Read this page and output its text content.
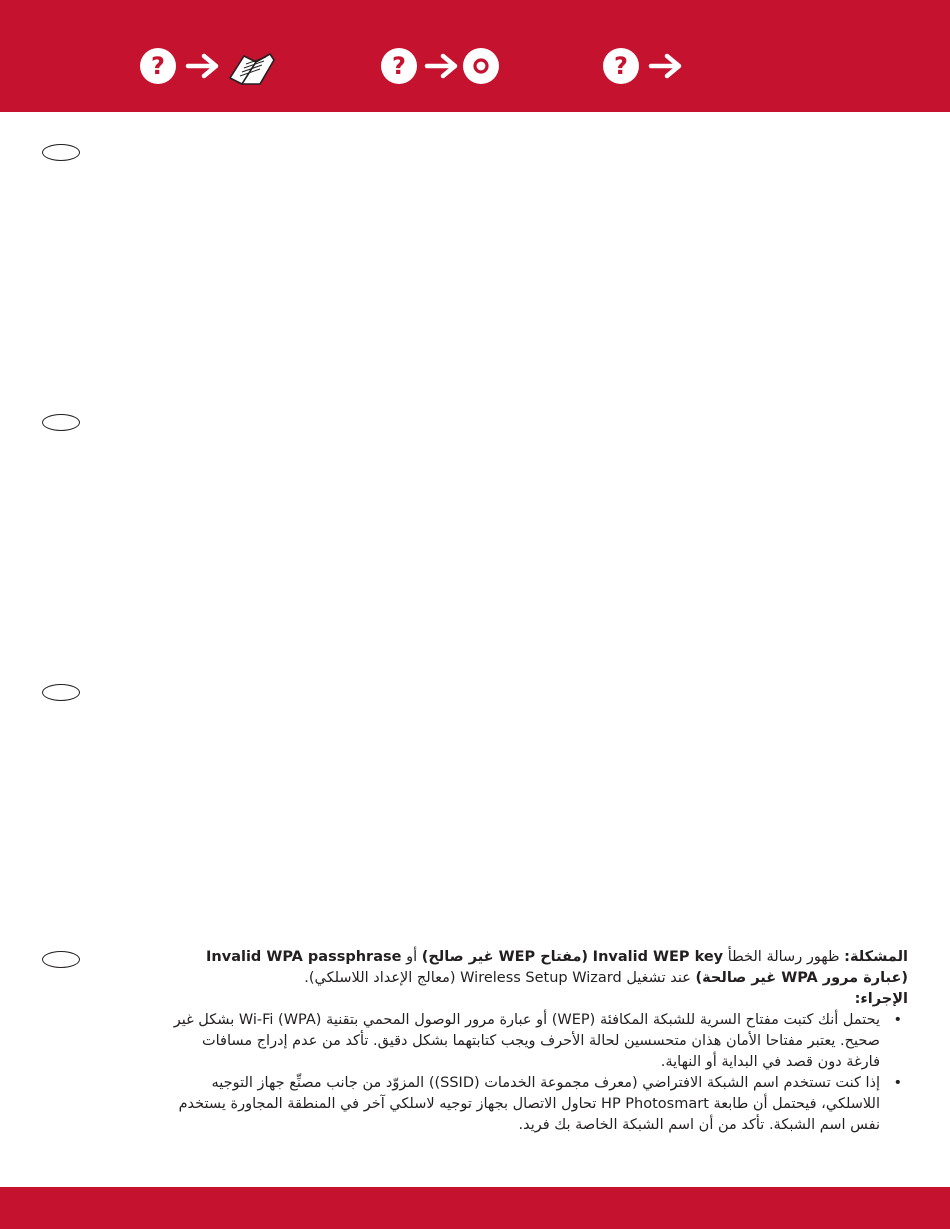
?	?	?

المشكلة: ظهور رسالة الخطأ Invalid WEP key (مفتاح WEP غير صالح) أو Invalid WPA passphrase (عبارة مرور WPA غير صالحة) عند تشغيل Wireless Setup Wizard (معالج الإعداد اللاسلكي).

الإجراء:

• يحتمل أنك كتبت مفتاح السرية للشبكة المكافئة (WEP) أو عبارة مرور الوصول المحمي بتقنية Wi-Fi (WPA) بشكل غير صحيح. يعتبر مفتاحا الأمان هذان متحسسين لحالة الأحرف ويجب كتابتهما بشكل دقيق. تأكد من عدم إدراج مسافات فارغة دون قصد في البداية أو النهاية.
• إذا كنت تستخدم اسم الشبكة الافتراضي (معرف مجموعة الخدمات (SSID)) المزوّد من جانب مصنِّع جهاز التوجيه اللاسلكي، فيحتمل أن طابعة HP Photosmart تحاول الاتصال بجهاز توجيه لاسلكي آخر في المنطقة المجاورة يستخدم نفس اسم الشبكة. تأكد من أن اسم الشبكة الخاصة بك فريد.
